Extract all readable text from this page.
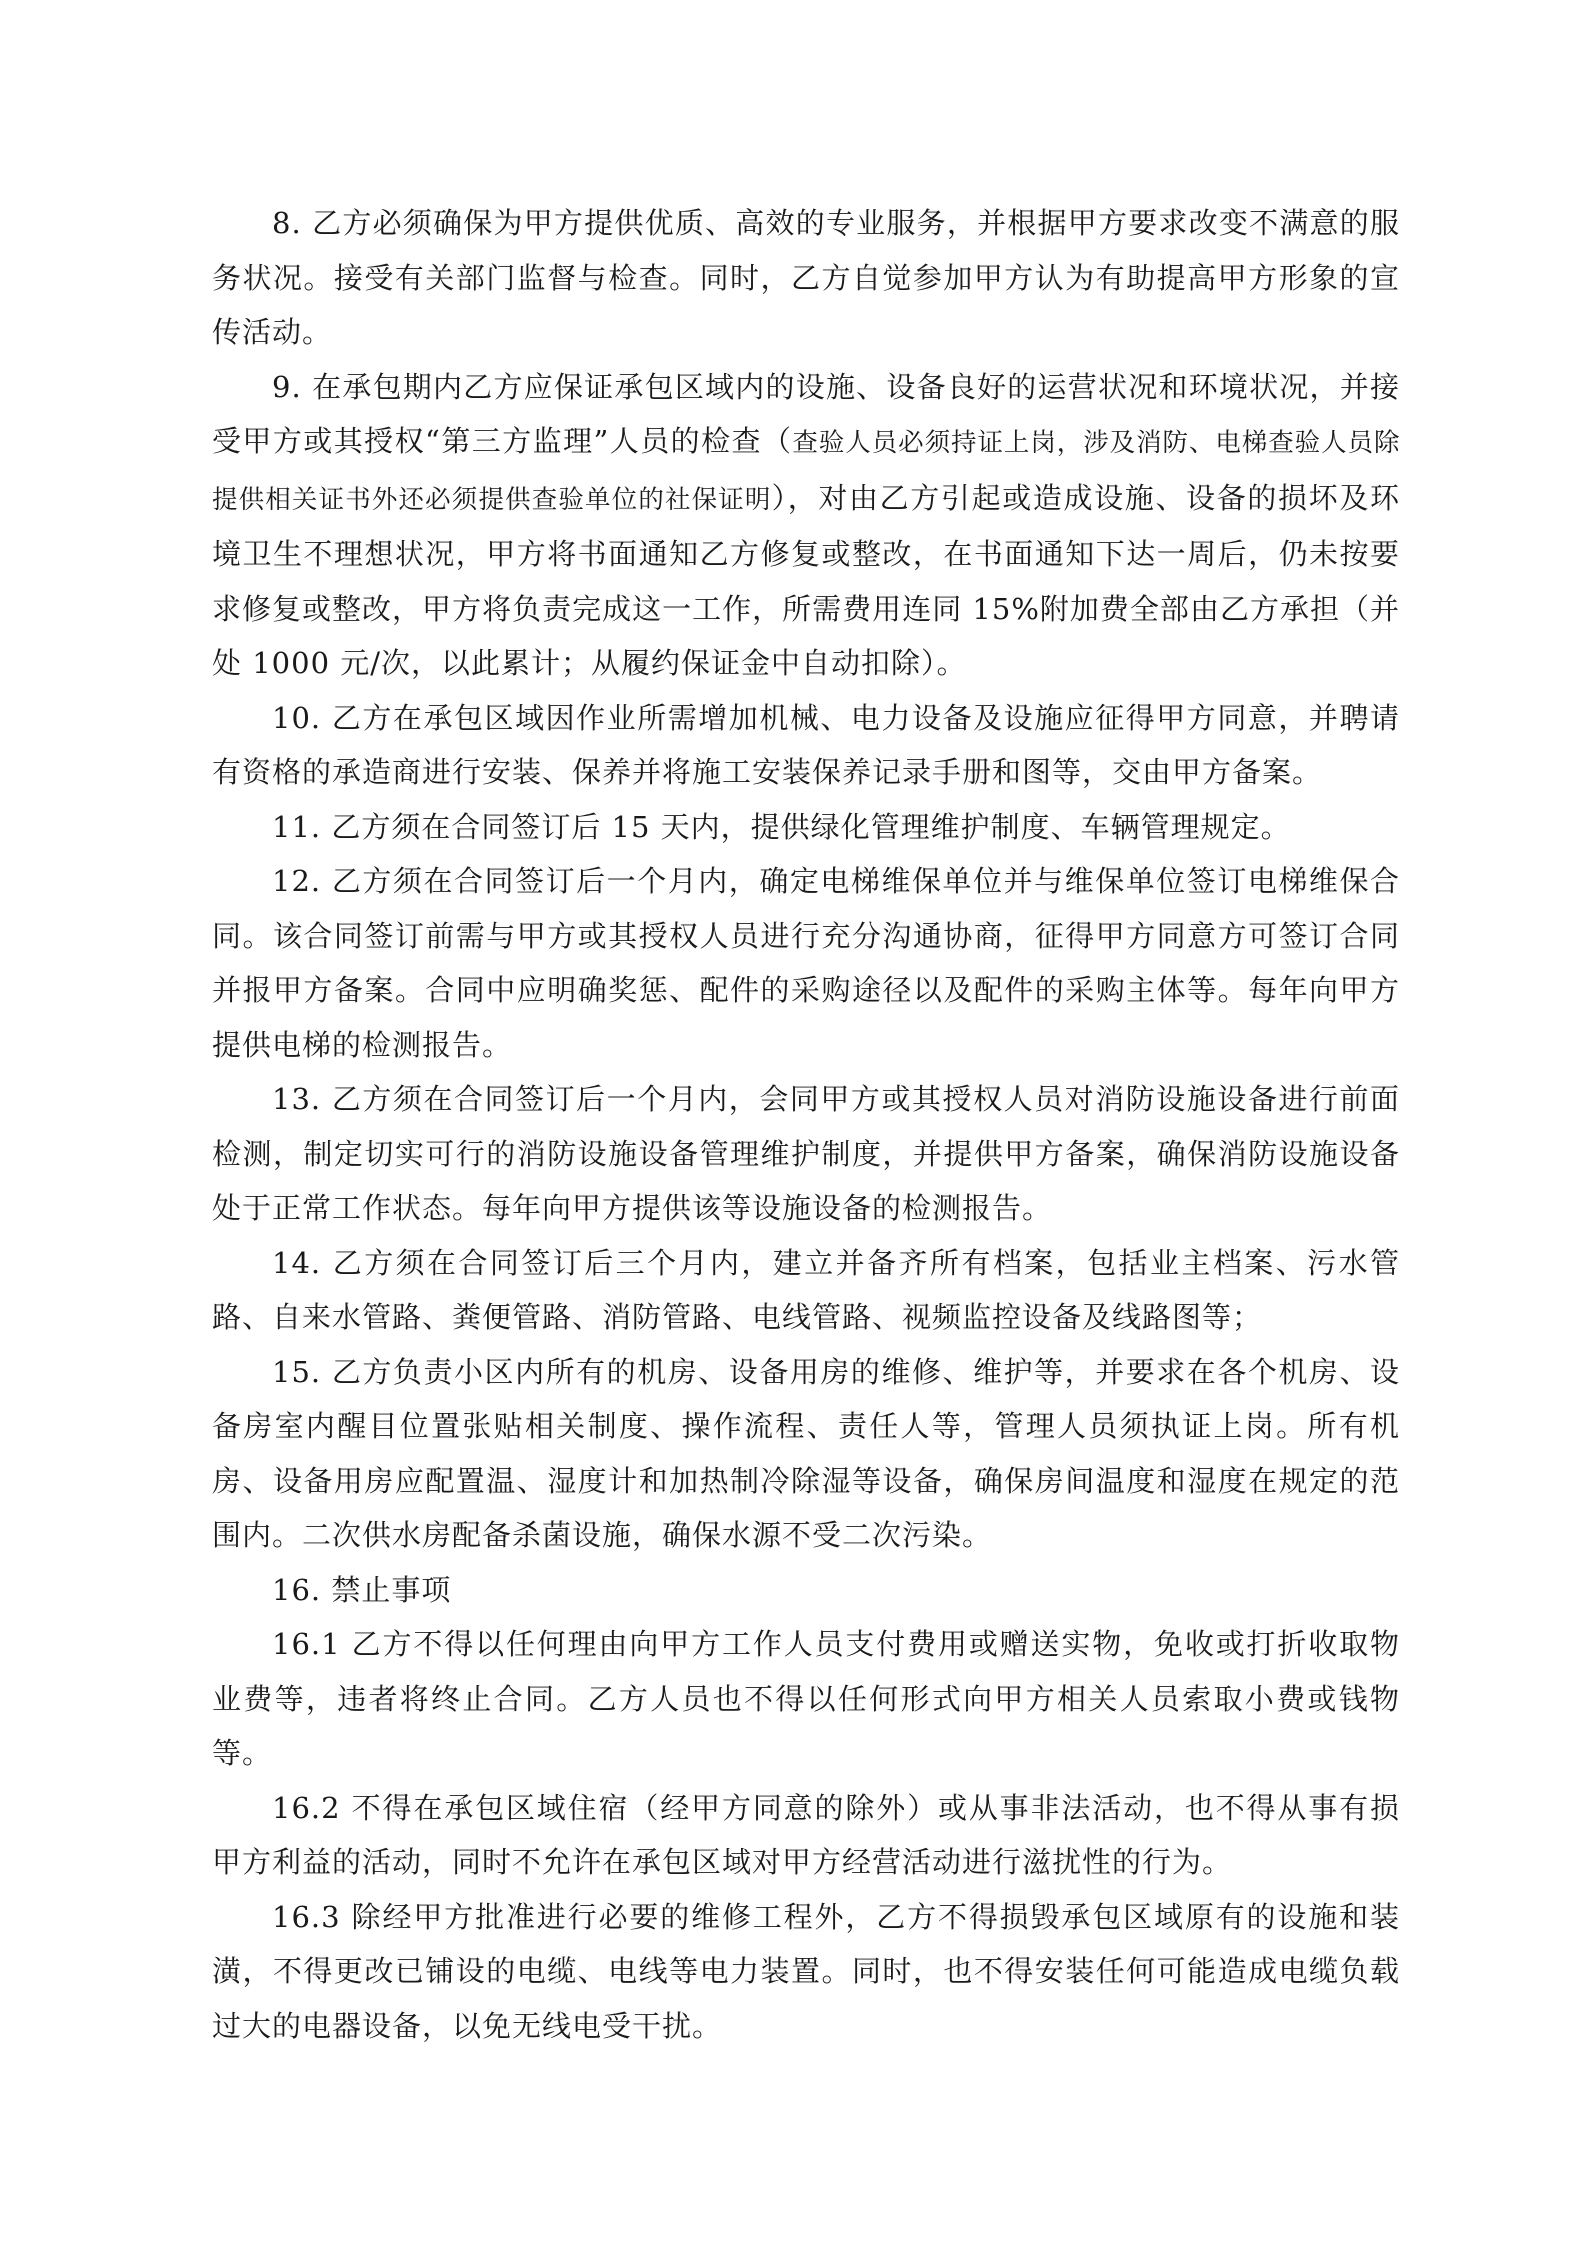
8. 乙方必须确保为甲方提供优质、高效的专业服务，并根据甲方要求改变不满意的服务状况。接受有关部门监督与检查。同时，乙方自觉参加甲方认为有助提高甲方形象的宣传活动。

9. 在承包期内乙方应保证承包区域内的设施、设备良好的运营状况和环境状况，并接受甲方或其授权“第三方监理”人员的检查（查验人员必须持证上岗，涉及消防、电梯查验人员除提供相关证书外还必须提供查验单位的社保证明），对由乙方引起或造成设施、设备的损坏及环境卫生不理想状况，甲方将书面通知乙方修复或整改，在书面通知下达一周后，仍未按要求修复或整改，甲方将负责完成这一工作，所需费用连同 15%附加费全部由乙方承担（并处 1000 元/次，以此累计；从履约保证金中自动扣除）。

10. 乙方在承包区域因作业所需增加机械、电力设备及设施应征得甲方同意，并聘请有资格的承造商进行安装、保养并将施工安装保养记录手册和图等，交由甲方备案。

11. 乙方须在合同签订后 15 天内，提供绿化管理维护制度、车辆管理规定。

12. 乙方须在合同签订后一个月内，确定电梯维保单位并与维保单位签订电梯维保合同。该合同签订前需与甲方或其授权人员进行充分沟通协商，征得甲方同意方可签订合同并报甲方备案。合同中应明确奖惩、配件的采购途径以及配件的采购主体等。每年向甲方提供电梯的检测报告。

13. 乙方须在合同签订后一个月内，会同甲方或其授权人员对消防设施设备进行前面检测，制定切实可行的消防设施设备管理维护制度，并提供甲方备案，确保消防设施设备处于正常工作状态。每年向甲方提供该等设施设备的检测报告。

14. 乙方须在合同签订后三个月内，建立并备齐所有档案，包括业主档案、污水管路、自来水管路、粪便管路、消防管路、电线管路、视频监控设备及线路图等；

15. 乙方负责小区内所有的机房、设备用房的维修、维护等，并要求在各个机房、设备房室内醒目位置张贴相关制度、操作流程、责任人等，管理人员须执证上岗。所有机房、设备用房应配置温、湿度计和加热制冷除湿等设备，确保房间温度和湿度在规定的范围内。二次供水房配备杀菌设施，确保水源不受二次污染。

16. 禁止事项

16.1 乙方不得以任何理由向甲方工作人员支付费用或赠送实物，免收或打折收取物业费等，违者将终止合同。乙方人员也不得以任何形式向甲方相关人员索取小费或钱物等。

16.2 不得在承包区域住宿（经甲方同意的除外）或从事非法活动，也不得从事有损甲方利益的活动，同时不允许在承包区域对甲方经营活动进行滋扰性的行为。

16.3 除经甲方批准进行必要的维修工程外，乙方不得损毁承包区域原有的设施和装潢，不得更改已铺设的电缆、电线等电力装置。同时，也不得安装任何可能造成电缆负载过大的电器设备，以免无线电受干扰。
